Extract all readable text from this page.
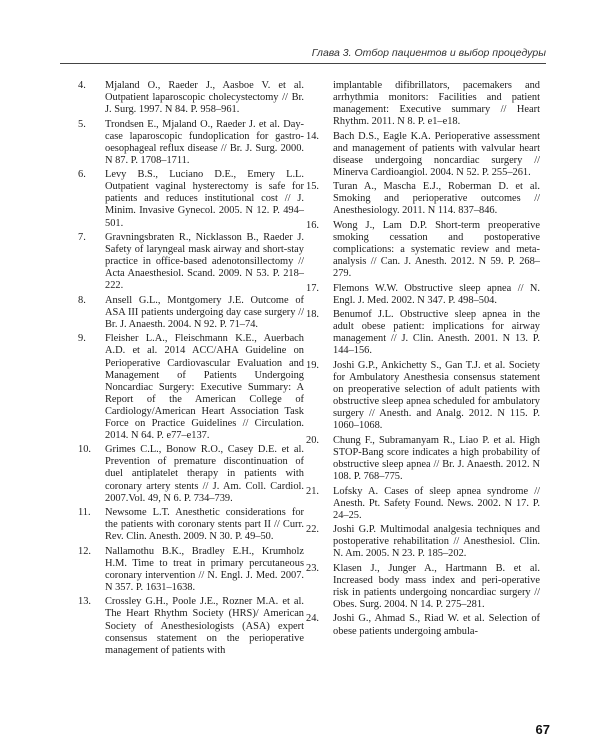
Глава 3. Отбор пациентов и выбор процедуры
4. Mjaland O., Raeder J., Aasboe V. et al. Outpatient laparoscopic cholecystectomy // Br. J. Surg. 1997. N 84. P. 958–961.
5. Trondsen E., Mjaland O., Raeder J. et al. Day-case laparoscopic fundoplication for gastro-oesophageal reflux disease // Br. J. Surg. 2000. N 87. P. 1708–1711.
6. Levy B.S., Luciano D.E., Emery L.L. Outpatient vaginal hysterectomy is safe for patients and reduces institutional cost // J. Minim. Invasive Gynecol. 2005. N 12. P. 494–501.
7. Gravningsbraten R., Nicklasson B., Raeder J. Safety of laryngeal mask airway and short-stay practice in office-based adenotonsillectomy // Acta Anaesthesiol. Scand. 2009. N 53. P. 218–222.
8. Ansell G.L., Montgomery J.E. Outcome of ASA III patients undergoing day case surgery // Br. J. Anaesth. 2004. N 92. P. 71–74.
9. Fleisher L.A., Fleischmann K.E., Auerbach A.D. et al. 2014 ACC/AHA Guideline on Perioperative Cardiovascular Evaluation and Management of Patients Undergoing Noncardiac Surgery: Executive Summary: A Report of the American College of Cardiology/American Heart Association Task Force on Practice Guidelines // Circulation. 2014. N 64. P. e77–e137.
10. Grimes C.L., Bonow R.O., Casey D.E. et al. Prevention of premature discontinuation of duel antiplatelet therapy in patients with coronary artery stents // J. Am. Coll. Cardiol. 2007.Vol. 49, N 6. P. 734–739.
11. Newsome L.T. Anesthetic considerations for the patients with coronary stents part II // Curr. Rev. Clin. Anesth. 2009. N 30. P. 49–50.
12. Nallamothu B.K., Bradley E.H., Krumholz H.M. Time to treat in primary percutaneous coronary intervention // N. Engl. J. Med. 2007. N 357. P. 1631–1638.
13. Crossley G.H., Poole J.E., Rozner M.A. et al. The Heart Rhythm Society (HRS)/ American Society of Anesthesiologists (ASA) expert consensus statement on the perioperative management of patients with
implantable difibrillators, pacemakers and arrhythmia monitors: Facilities and patient management: Executive summary // Heart Rhythm. 2011. N 8. P. e1–e18.
14. Bach D.S., Eagle K.A. Perioperative assessment and management of patients with valvular heart disease undergoing noncardiac surgery // Minerva Cardioangiol. 2004. N 52. P. 255–261.
15. Turan A., Mascha E.J., Roberman D. et al. Smoking and perioperative outcomes // Anesthesiology. 2011. N 114. 837–846.
16. Wong J., Lam D.P. Short-term preoperative smoking cessation and postoperative complications: a systematic review and meta-analysis // Can. J. Anesth. 2012. N 59. P. 268–279.
17. Flemons W.W. Obstructive sleep apnea // N. Engl. J. Med. 2002. N 347. P. 498–504.
18. Benumof J.L. Obstructive sleep apnea in the adult obese patient: implications for airway management // J. Clin. Anesth. 2001. N 13. P. 144–156.
19. Joshi G.P., Ankichetty S., Gan T.J. et al. Society for Ambulatory Anesthesia consensus statement on preoperative selection of adult patients with obstructive sleep apnea scheduled for ambulatory surgery // Anesth. and Analg. 2012. N 115. P. 1060–1068.
20. Chung F., Subramanyam R., Liao P. et al. High STOP-Bang score indicates a high probability of obstructive sleep apnea // Br. J. Anaesth. 2012. N 108. P. 768–775.
21. Lofsky A. Cases of sleep apnea syndrome // Anesth. Pt. Safety Found. News. 2002. N 17. P. 24–25.
22. Joshi G.P. Multimodal analgesia techniques and postoperative rehabilitation // Anesthesiol. Clin. N. Am. 2005. N 23. P. 185–202.
23. Klasen J., Junger A., Hartmann B. et al. Increased body mass index and peri-operative risk in patients undergoing noncardiac surgery // Obes. Surg. 2004. N 14. P. 275–281.
24. Joshi G., Ahmad S., Riad W. et al. Selection of obese patients undergoing ambula-
67
